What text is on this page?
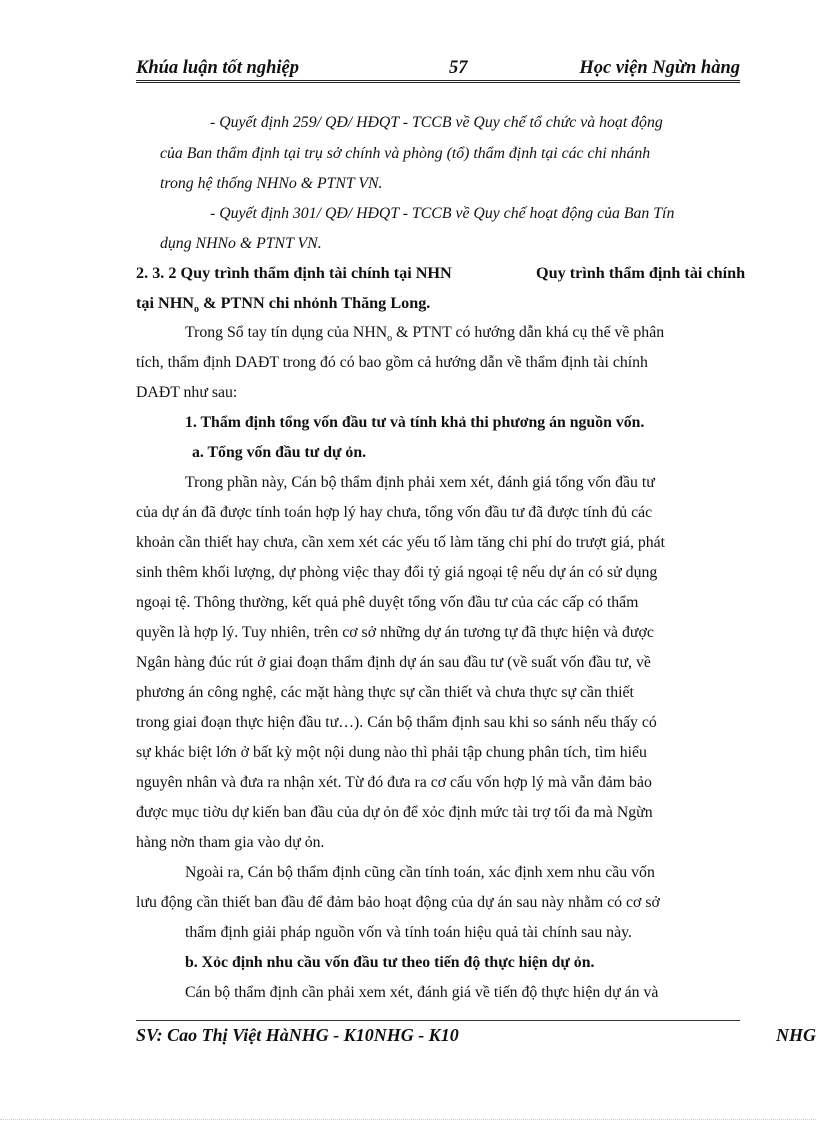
Khúa luận tốt nghiệp	57	Học viện Ngừn hàng
- Quyết định 259/ QĐ/ HĐQT - TCCB về Quy chế tổ chức và hoạt động
của Ban thẩm định tại trụ sở chính và phòng (tổ) thẩm định tại các chi nhánh
trong hệ thống NHNo & PTNT VN.
- Quyết định 301/ QĐ/ HĐQT - TCCB về Quy chế hoạt động của Ban Tín
dụng NHNo & PTNT VN.
2. 3. 2 Quy trình thẩm định tài chính tại NHN	Quy trình thẩm định tài chính
tại $NHN_o$ & PTNN chi nhỏnh Thăng Long.
Trong Sổ tay tín dụng của $NHN_o$ & PTNT có hướng dẫn khá cụ thể về phân
tích, thẩm định DAĐT trong đó có bao gồm cả hướng dẫn về thẩm định tài chính
DAĐT như sau:
1. Thẩm định tổng vốn đầu tư và tính khả thi phương án nguồn vốn.
a. Tổng vốn đầu tư dự ỏn.
Trong phần này, Cán bộ thẩm định phải xem xét, đánh giá tổng vốn đầu tư
của dự án đã được tính toán hợp lý hay chưa, tổng vốn đầu tư đã được tính đủ các
khoản cần thiết hay chưa, cần xem xét các yếu tố làm tăng chi phí do trượt giá, phát
sinh thêm khối lượng, dự phòng việc thay đổi tỷ giá ngoại tệ nếu dự án có sử dụng
ngoại tệ. Thông thường, kết quả phê duyệt tổng vốn đầu tư của các cấp có thẩm
quyền là hợp lý. Tuy nhiên, trên cơ sở những dự án tương tự đã thực hiện và được
Ngân hàng đúc rút ở giai đoạn thẩm định dự án sau đầu tư (về suất vốn đầu tư, về
phương án công nghệ, các mặt hàng thực sự cần thiết và chưa thực sự cần thiết
trong giai đoạn thực hiện đầu tư…). Cán bộ thẩm định sau khi so sánh nếu thấy có
sự khác biệt lớn ở bất kỳ một nội dung nào thì phải tập chung phân tích, tìm hiểu
nguyên nhân và đưa ra nhận xét. Từ đó đưa ra cơ cấu vốn hợp lý mà vẫn đảm bảo
được mục tiờu dự kiến ban đầu của dự ỏn để xỏc định mức tài trợ tối đa mà Ngừn
hàng nờn tham gia vào dự ỏn.
Ngoài ra, Cán bộ thẩm định cũng cần tính toán, xác định xem nhu cầu vốn
lưu động cần thiết ban đầu để đảm bảo hoạt động của dự án sau này nhằm có cơ sở
thẩm định giải pháp nguồn vốn và tính toán hiệu quả tài chính sau này.
b. Xỏc định nhu cầu vốn đầu tư theo tiến độ thực hiện dự ỏn.
Cán bộ thẩm định cần phải xem xét, đánh giá về tiến độ thực hiện dự án và
SV: Cao Thị Việt HàNHG - K10NHG - K10	NHG
